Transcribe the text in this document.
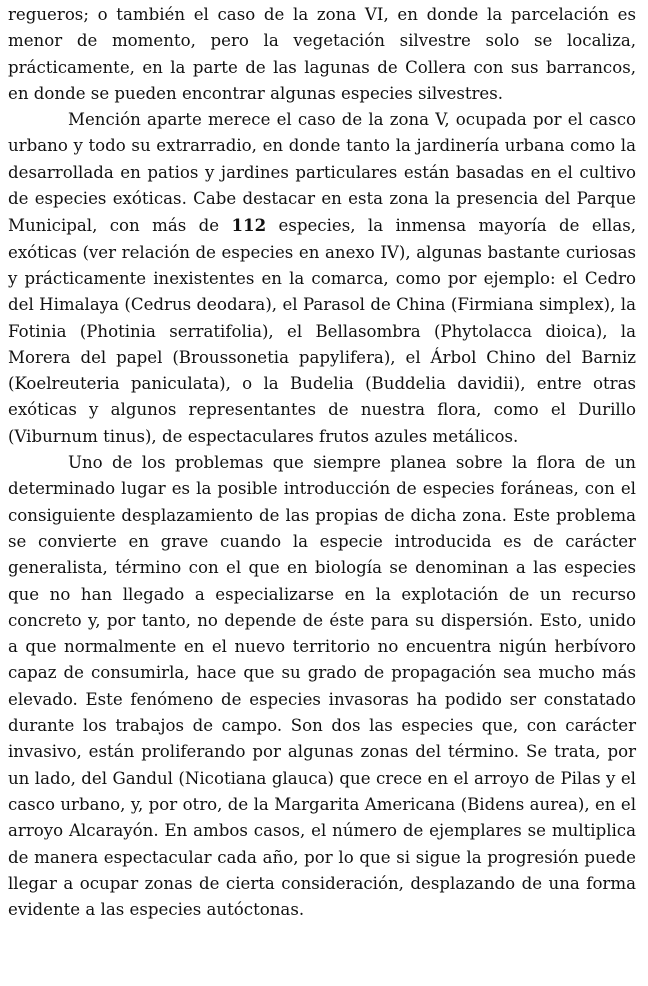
regueros; o también el caso de la zona VI, en donde la parcelación es menor de momento, pero la vegetación silvestre solo se localiza, prácticamente, en la parte de las lagunas de Collera con sus barrancos, en donde se pueden encontrar algunas especies silvestres.

Mención aparte merece el caso de la zona V, ocupada por el casco urbano y todo su extrarradio, en donde tanto la jardinería urbana como la desarrollada en patios y jardines particulares están basadas en el cultivo de especies exóticas. Cabe destacar en esta zona la presencia del Parque Municipal, con más de 112 especies, la inmensa mayoría de ellas, exóticas (ver relación de especies en anexo IV), algunas bastante curiosas y prácticamente inexistentes en la comarca, como por ejemplo: el Cedro del Himalaya (Cedrus deodara), el Parasol de China (Firmiana simplex), la Fotinia (Photinia serratifolia), el Bellasombra (Phytolacca dioica), la Morera del papel (Broussonetia papylifera), el Árbol Chino del Barniz (Koelreuteria paniculata), o la Budelia (Buddelia davidii), entre otras exóticas y algunos representantes de nuestra flora, como el Durillo (Viburnum tinus), de espectaculares frutos azules metálicos.

Uno de los problemas que siempre planea sobre la flora de un determinado lugar es la posible introducción de especies foráneas, con el consiguiente desplazamiento de las propias de dicha zona. Este problema se convierte en grave cuando la especie introducida es de carácter generalista, término con el que en biología se denominan a las especies que no han llegado a especializarse en la explotación de un recurso concreto y, por tanto, no depende de éste para su dispersión. Esto, unido a que normalmente en el nuevo territorio no encuentra nigún herbívoro capaz de consumirla, hace que su grado de propagación sea mucho más elevado. Este fenómeno de especies invasoras ha podido ser constatado durante los trabajos de campo. Son dos las especies que, con carácter invasivo, están proliferando por algunas zonas del término. Se trata, por un lado, del Gandul (Nicotiana glauca) que crece en el arroyo de Pilas y el casco urbano, y, por otro, de la Margarita Americana (Bidens aurea), en el arroyo Alcarayón. En ambos casos, el número de ejemplares se multiplica de manera espectacular cada año, por lo que si sigue la progresión puede llegar a ocupar zonas de cierta consideración, desplazando de una forma evidente a las especies autóctonas.
